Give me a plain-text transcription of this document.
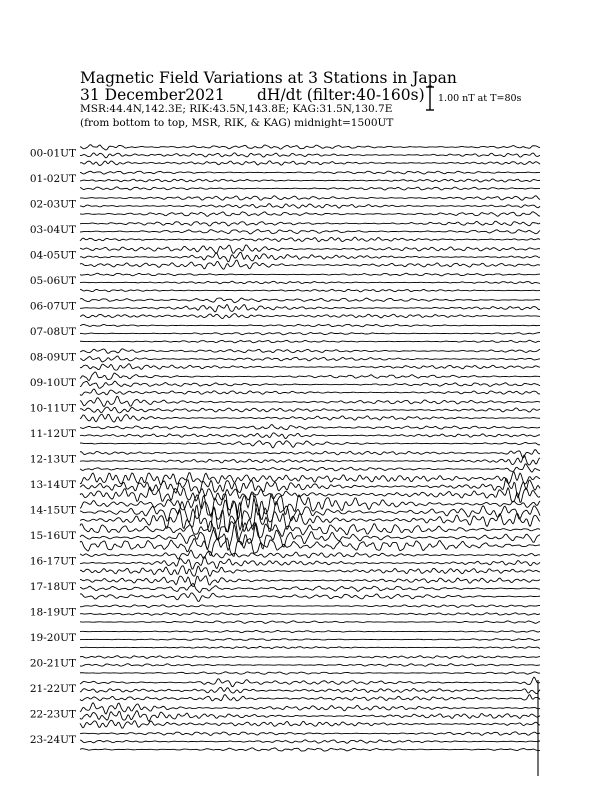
Magnetic Field Variations at 3 Stations in Japan
31 December2021 dH/dt (filter:40-160s)
MSR:44.4N,142.3E; RIK:43.5N,143.8E; KAG:31.5N,130.7E
(from bottom to top, MSR, RIK, & KAG) midnight=1500UT
1.00 nT at T=80s
00-01UT
01-02UT
02-03UT
03-04UT
04-05UT
05-06UT
06-07UT
07-08UT
08-09UT
09-10UT
10-11UT
11-12UT
12-13UT
13-14UT
14-15UT
15-16UT
16-17UT
17-18UT
18-19UT
19-20UT
20-21UT
21-22UT
22-23UT
23-24UT
